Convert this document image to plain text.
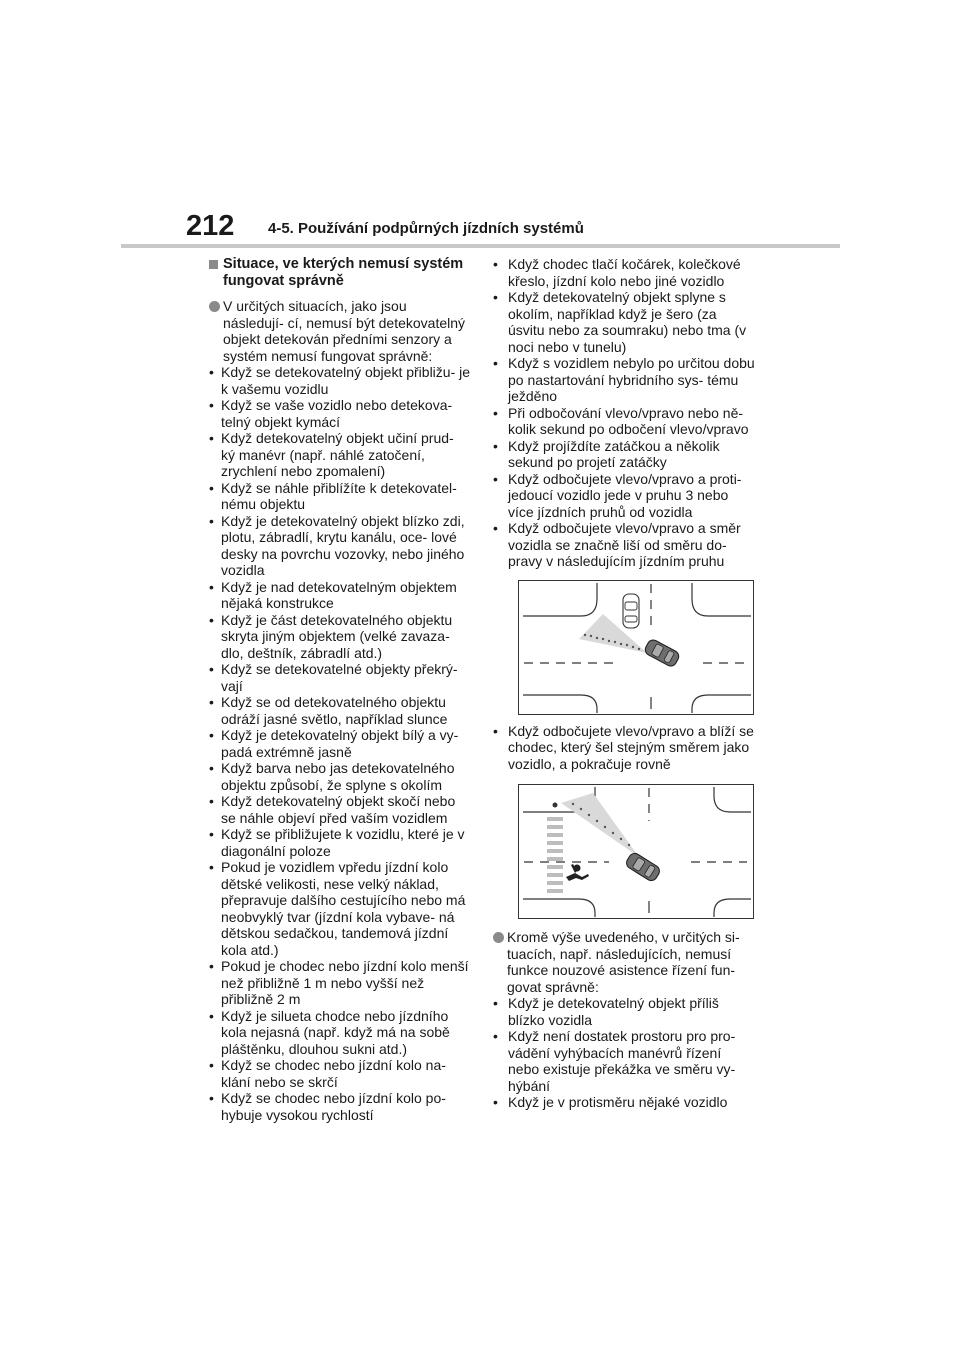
212 4-5. Používání podpůrných jízdních systémů
Situace, ve kterých nemusí systém fungovat správně
V určitých situacích, jako jsou následují- cí, nemusí být detekovatelný objekt detekován předními senzory a systém nemusí fungovat správně:
• Když se detekovatelný objekt přibližu- je k vašemu vozidlu
• Když se vaše vozidlo nebo detekova- telný objekt kymácí
• Když detekovatelný objekt učiní prud- ký manévr (např. náhlé zatočení, zrychlení nebo zpomalení)
• Když se náhle přiblížíte k detekovatel- nému objektu
• Když je detekovatelný objekt blízko zdi, plotu, zábradlí, krytu kanálu, oce- lové desky na povrchu vozovky, nebo jiného vozidla
• Když je nad detekovatelným objektem nějaká konstrukce
• Když je část detekovatelného objektu skryta jiným objektem (velké zavaza- dlo, deštník, zábradlí atd.)
• Když se detekovatelné objekty překrý- vají
• Když se od detekovatelného objektu odráží jasné světlo, například slunce
• Když je detekovatelný objekt bílý a vy- padá extrémně jasně
• Když barva nebo jas detekovatelného objektu způsobí, že splyne s okolím
• Když detekovatelný objekt skočí nebo se náhle objeví před vaším vozidlem
• Když se přibližujete k vozidlu, které je v diagonální poloze
• Pokud je vozidlem vpředu jízdní kolo dětské velikosti, nese velký náklad, přepravuje dalšího cestujícího nebo má neobvyklý tvar (jízdní kola vybave- ná dětskou sedačkou, tandemová jízdní kola atd.)
• Pokud je chodec nebo jízdní kolo menší než přibližně 1 m nebo vyšší než přibližně 2 m
• Když je silueta chodce nebo jízdního kola nejasná (např. když má na sobě pláštěnku, dlouhou sukni atd.)
• Když se chodec nebo jízdní kolo na- klání nebo se skrčí
• Když se chodec nebo jízdní kolo po- hybuje vysokou rychlostí
• Když chodec tlačí kočárek, kolečkové křeslo, jízdní kolo nebo jiné vozidlo
• Když detekovatelný objekt splyne s okolím, například když je šero (za úsvitu nebo za soumraku) nebo tma (v noci nebo v tunelu)
• Když s vozidlem nebylo po určitou dobu po nastartování hybridního sys- tému ježděno
• Při odbočování vlevo/vpravo nebo ně- kolik sekund po odbočení vlevo/vpravo
• Když projíždíte zatáčkou a několik sekund po projetí zatáčky
• Když odbočujete vlevo/vpravo a proti- jedoucí vozidlo jede v pruhu 3 nebo více jízdních pruhů od vozidla
• Když odbočujete vlevo/vpravo a směr vozidla se značně liší od směru do- pravy v následujícím jízdním pruhu
• Když odbočujete vlevo/vpravo a blíží se chodec, který šel stejným směrem jako vozidlo, a pokračuje rovně
Kromě výše uvedeného, v určitých si- tuacích, např. následujících, nemusí funkce nouzové asistence řízení fun- govat správně:
• Když je detekovatelný objekt příliš blízko vozidla
• Když není dostatek prostoru pro pro- vádění vyhýbacích manévrů řízení nebo existuje překážka ve směru vy- hýbání
• Když je v protisměru nějaké vozidlo
